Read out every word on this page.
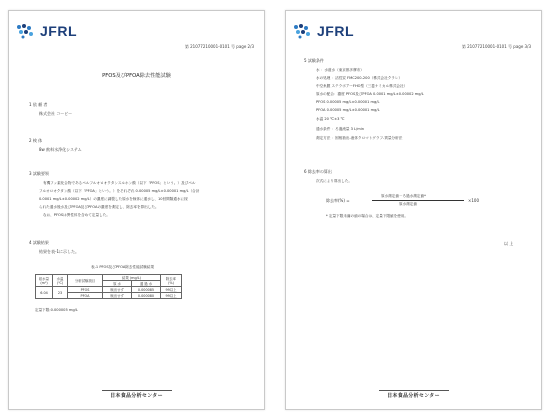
JFRL
第 21077210001-0101 号 page 2/3
PFOS及びPFOA除去性能試験
1 依 頼 者
株式会社 コーピー
2 検 体
8w 飲料水浄化システム
3 試験要領
有機フッ素化合物であるペルフルオロオクタンスルホン酸（以下「PFOS」という。）及びペル
フルオロオクタン酸（以下「PFOA」という。）をそれぞれ 0.00005 mg/L±0.00001 mg/L（合計
0.0001 mg/L±0.00002 mg/L）の濃度に調製した原水を検体に通水し、10回間隔通水に採
られた通水後水及びPFOA及びPFOAの濃度を測定し、除去率を算出した。
なお、PFOSは異性体を含めて定量した。
4 試験結果
結果を表-1に示した。
表-1 PFOS及びPFOA除去性能試験結果
総水量
(m³)	水温
(℃)	分析試験項目	結果 (mg/L)		除去率
(%)
			原 水	通 過 水	
6.04	23	PFOS	検出せず	0.000085	99以上
		PFOA	検出せず	0.000080	99以上
定量下限:0.000005 mg/L
日本食品分析センター
JFRL
第 21077210001-0101 号 page 3/3
5 試験条件
水 ：水道水（東京都多摩市）
水の処理 ：活性炭 FMC200-200（株式会社クラレ）
中空糸膜 ステラポアーFHO型（三菱ケミカル株式会社）
原水の配合：濃度 PFOS及びPFOA 0.0001 mg/L±0.00002 mg/L
PFOS 0.00005 mg/L±0.00001 mg/L
PFOA 0.00005 mg/L±0.00001 mg/L
水温 20 ℃±3 ℃
通水条件 ：ろ過流量 3 L/min
測定方法 ：固相抽出-液体クロマトグラフ-質量分析法
6 除去率の算出
次式により算出した。
除去率(%) =
原水測定値－ろ過水測定値*
原水測定値
×100
* 定量下限未満の値の場合は、定量下限値を使用。
以 上
日本食品分析センター
